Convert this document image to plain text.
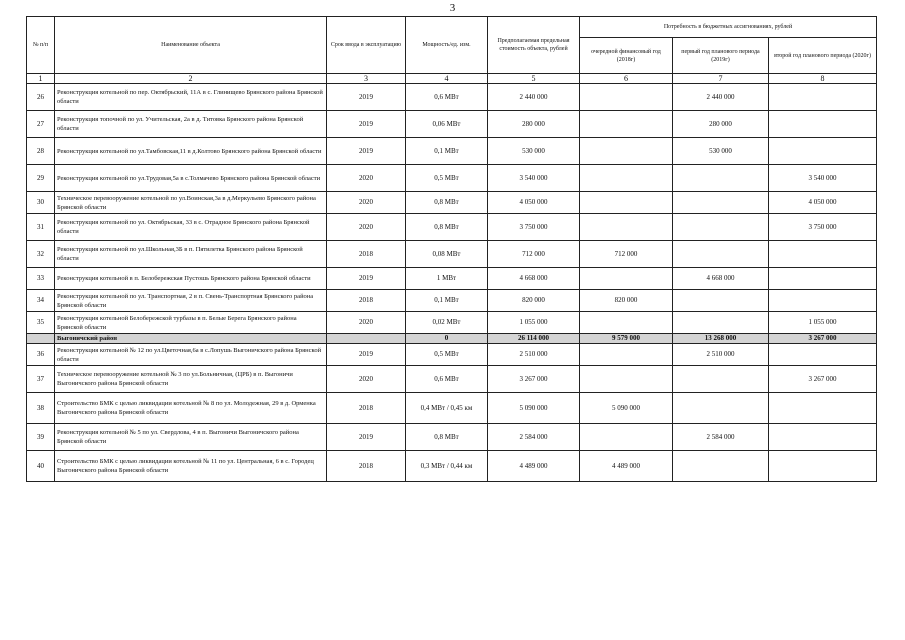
3
№ п/п	Наименование объекта	Срок ввода в эксплуатацию	Мощность/ед. изм.	Предполагаемая предельная стоимость объекта, рублей	Потребность в бюджетных ассигнованиях, рублей		
					очередной финансовый год (2018г)	первый год планового периода (2019г)	второй год планового периода (2020г)
1	2	3	4	5	6	7	8
26	Реконструкция котельной по пер. Октябрьский, 11А в с. Глинищево Брянского района Брянской области	2019	0,6 МВт	2 440 000		2 440 000	
27	Реконструкция топочной по ул. Учительская, 2а в д. Титовка Брянского района Брянской области	2019	0,06 МВт	280 000		280 000	
28	Реконструкция котельной по ул.Тамбовская,11 в д.Колтово Брянского района Брянской области	2019	0,1 МВт	530 000		530 000	
29	Реконструкция котельной по ул.Трудовая,5а в с.Толмачево Брянского района Брянской области	2020	0,5 МВт	3 540 000			3 540 000
30	Техническое перевооружение котельной по ул.Воинская,3а в д.Меркульево Брянского района Брянской области	2020	0,8 МВт	4 050 000			4 050 000
31	Реконструкция котельной по ул. Октябрьская, 33 в с. Отрадное Брянского района Брянской области	2020	0,8 МВт	3 750 000			3 750 000
32	Реконструкция котельной по ул.Школьная,3Б в п. Пятилетка Брянского района Брянской области	2018	0,08 МВт	712 000	712 000		
33	Реконструкция котельной в п. Белобережская Пустошь Брянского района Брянской области	2019	1 МВт	4 668 000		4 668 000	
34	Реконструкция котельной по ул. Транспортная, 2 в п. Свень-Транспортная Брянского района Брянской области	2018	0,1 МВт	820 000	820 000		
35	Реконструкция котельной Белобережской турбазы в п. Белые Берега Брянского района Брянской области	2020	0,02 МВт	1 055 000			1 055 000
	Выгоничский район		0	26 114 000	9 579 000	13 268 000	3 267 000
36	Реконструкция котельной № 12 по ул.Цветочная,6а в с.Лопушь Выгоничского района Брянской области	2019	0,5 МВт	2 510 000		2 510 000	
37	Техническое перевооружение котельной № 3 по ул.Больничная, (ЦРБ) в п. Выгоничи Выгоничского района Брянской области	2020	0,6 МВт	3 267 000			3 267 000
38	Строительство БМК с целью ликвидации котельной № 8 по ул. Молодежная, 29 в д. Орменка Выгоничского района Брянской области	2018	0,4 МВт / 0,45 км	5 090 000	5 090 000		
39	Реконструкция котельной № 5 по ул. Свердлова, 4 в п. Выгоничи Выгоничского района Брянской области	2019	0,8 МВт	2 584 000		2 584 000	
40	Строительство БМК с целью ликвидации котельной № 11 по ул. Центральная, 6 в с. Городец Выгоничского района Брянской области	2018	0,3 МВт / 0,44 км	4 489 000	4 489 000		
